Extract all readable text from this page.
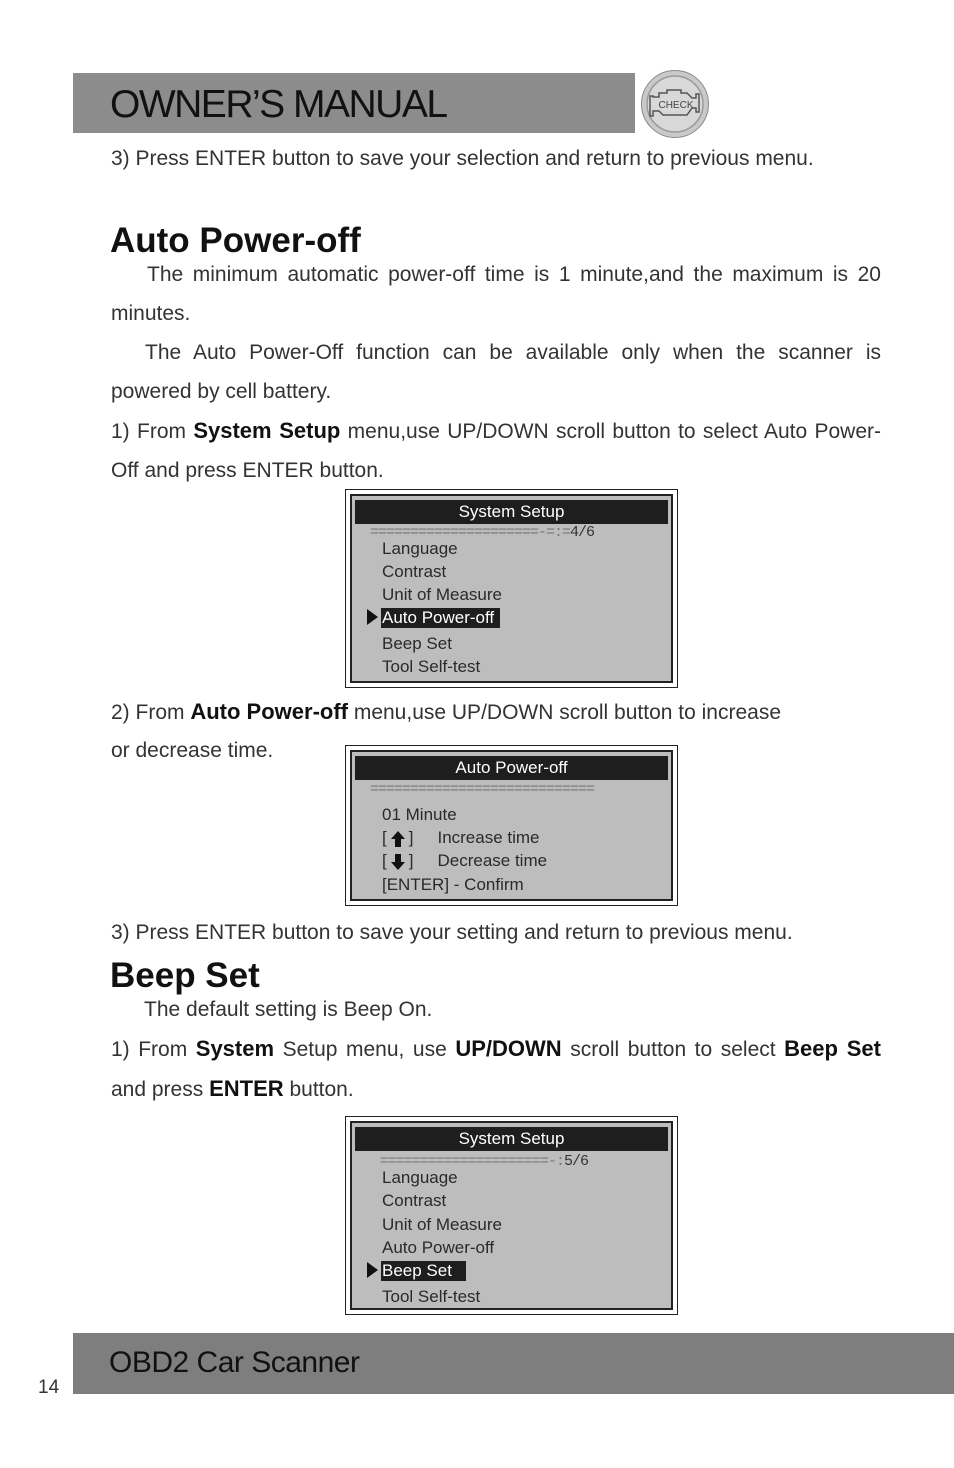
OWNER’S MANUAL	CHECK
3) Press ENTER button to save your selection and return to previous menu.
Auto Power-off
The minimum automatic power-off time is 1 minute,and the maximum is 20 minutes.
The Auto Power-Off function can be available only when the scanner is powered by cell battery.
1) From System Setup menu,use UP/DOWN scroll button to select Auto Power-Off and press ENTER button.
System Setup
=====================-=:=4/6
Language
Contrast
Unit of Measure
Auto Power-off
Beep Set
Tool Self-test
2) From Auto Power-off menu,use UP/DOWN scroll button to increase
or decrease time.
Auto Power-off
============================
01 Minute
[ ] Increase time
[ ] Decrease time
[ENTER] - Confirm
3) Press ENTER button to save your setting and return to previous menu.
Beep Set
The default setting is Beep On.
1) From System Setup menu, use UP/DOWN scroll button to select Beep Set and press ENTER button.
System Setup
=====================-:5/6
Language
Contrast
Unit of Measure
Auto Power-off
Beep Set
Tool Self-test
OBD2 Car Scanner
14
